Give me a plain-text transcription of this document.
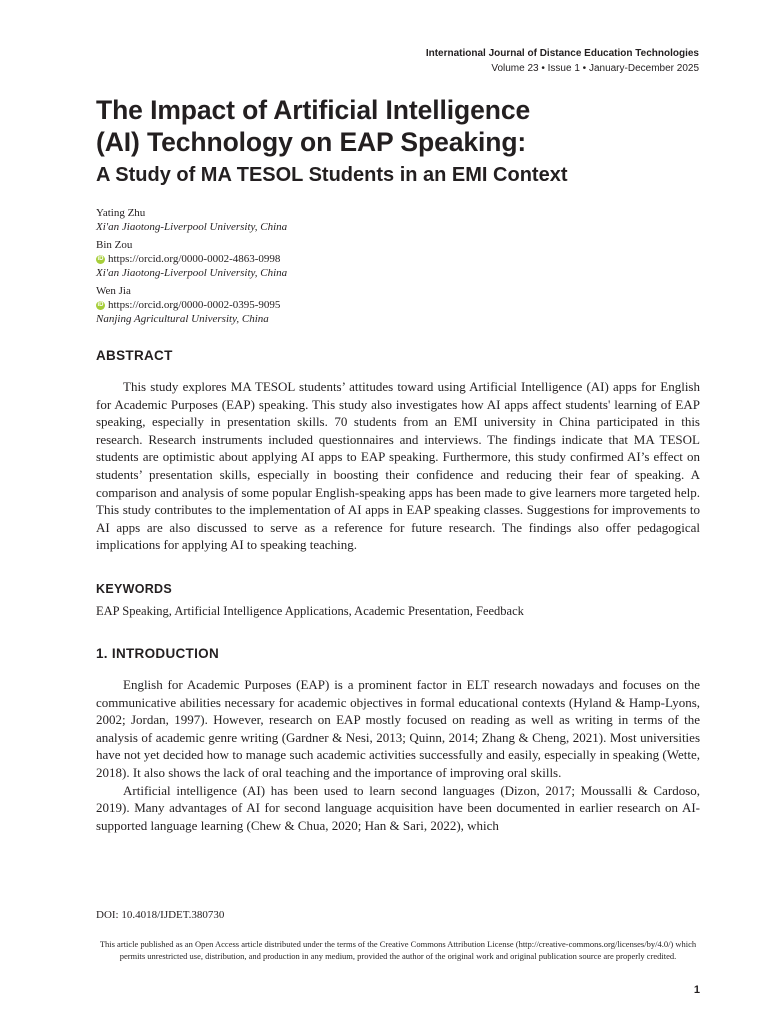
International Journal of Distance Education Technologies
Volume 23 • Issue 1 • January-December 2025
The Impact of Artificial Intelligence
(AI) Technology on EAP Speaking:
A Study of MA TESOL Students in an EMI Context
Yating Zhu
Xi'an Jiaotong-Liverpool University, China
Bin Zou
iD https://orcid.org/0000-0002-4863-0998
Xi'an Jiaotong-Liverpool University, China
Wen Jia
iD https://orcid.org/0000-0002-0395-9095
Nanjing Agricultural University, China
ABSTRACT

This study explores MA TESOL students’ attitudes toward using Artificial Intelligence (AI) apps for English for Academic Purposes (EAP) speaking. This study also investigates how AI apps affect students' learning of EAP speaking, especially in presentation skills. 70 students from an EMI university in China participated in this research. Research instruments included questionnaires and interviews. The findings indicate that MA TESOL students are optimistic about applying AI apps to EAP speaking. Furthermore, this study confirmed AI’s effect on students’ presentation skills, especially in boosting their confidence and reducing their fear of speaking. A comparison and analysis of some popular English-speaking apps has been made to give learners more targeted help. This study contributes to the implementation of AI apps in EAP speaking classes. Suggestions for improvements to AI apps are also discussed to serve as a reference for future research. The findings also offer pedagogical implications for applying AI to speaking teaching.

KEYWORDS
EAP Speaking, Artificial Intelligence Applications, Academic Presentation, Feedback
1. INTRODUCTION

English for Academic Purposes (EAP) is a prominent factor in ELT research nowadays and focuses on the communicative abilities necessary for academic objectives in formal educational contexts (Hyland & Hamp-Lyons, 2002; Jordan, 1997). However, research on EAP mostly focused on reading as well as writing in terms of the analysis of academic genre writing (Gardner & Nesi, 2013; Quinn, 2014; Zhang & Cheng, 2021). Most universities have not yet decided how to manage such academic activities successfully and easily, especially in speaking (Wette, 2018). It also shows the lack of oral teaching and the importance of improving oral skills.

Artificial intelligence (AI) has been used to learn second languages (Dizon, 2017; Moussalli & Cardoso, 2019). Many advantages of AI for second language acquisition have been documented in earlier research on AI-supported language learning (Chew & Chua, 2020; Han & Sari, 2022), which

DOI: 10.4018/IJDET.380730
This article published as an Open Access article distributed under the terms of the Creative Commons Attribution License (http://creative-commons.org/licenses/by/4.0/) which permits unrestricted use, distribution, and production in any medium, provided the author of the original work and original publication source are properly credited.
1
